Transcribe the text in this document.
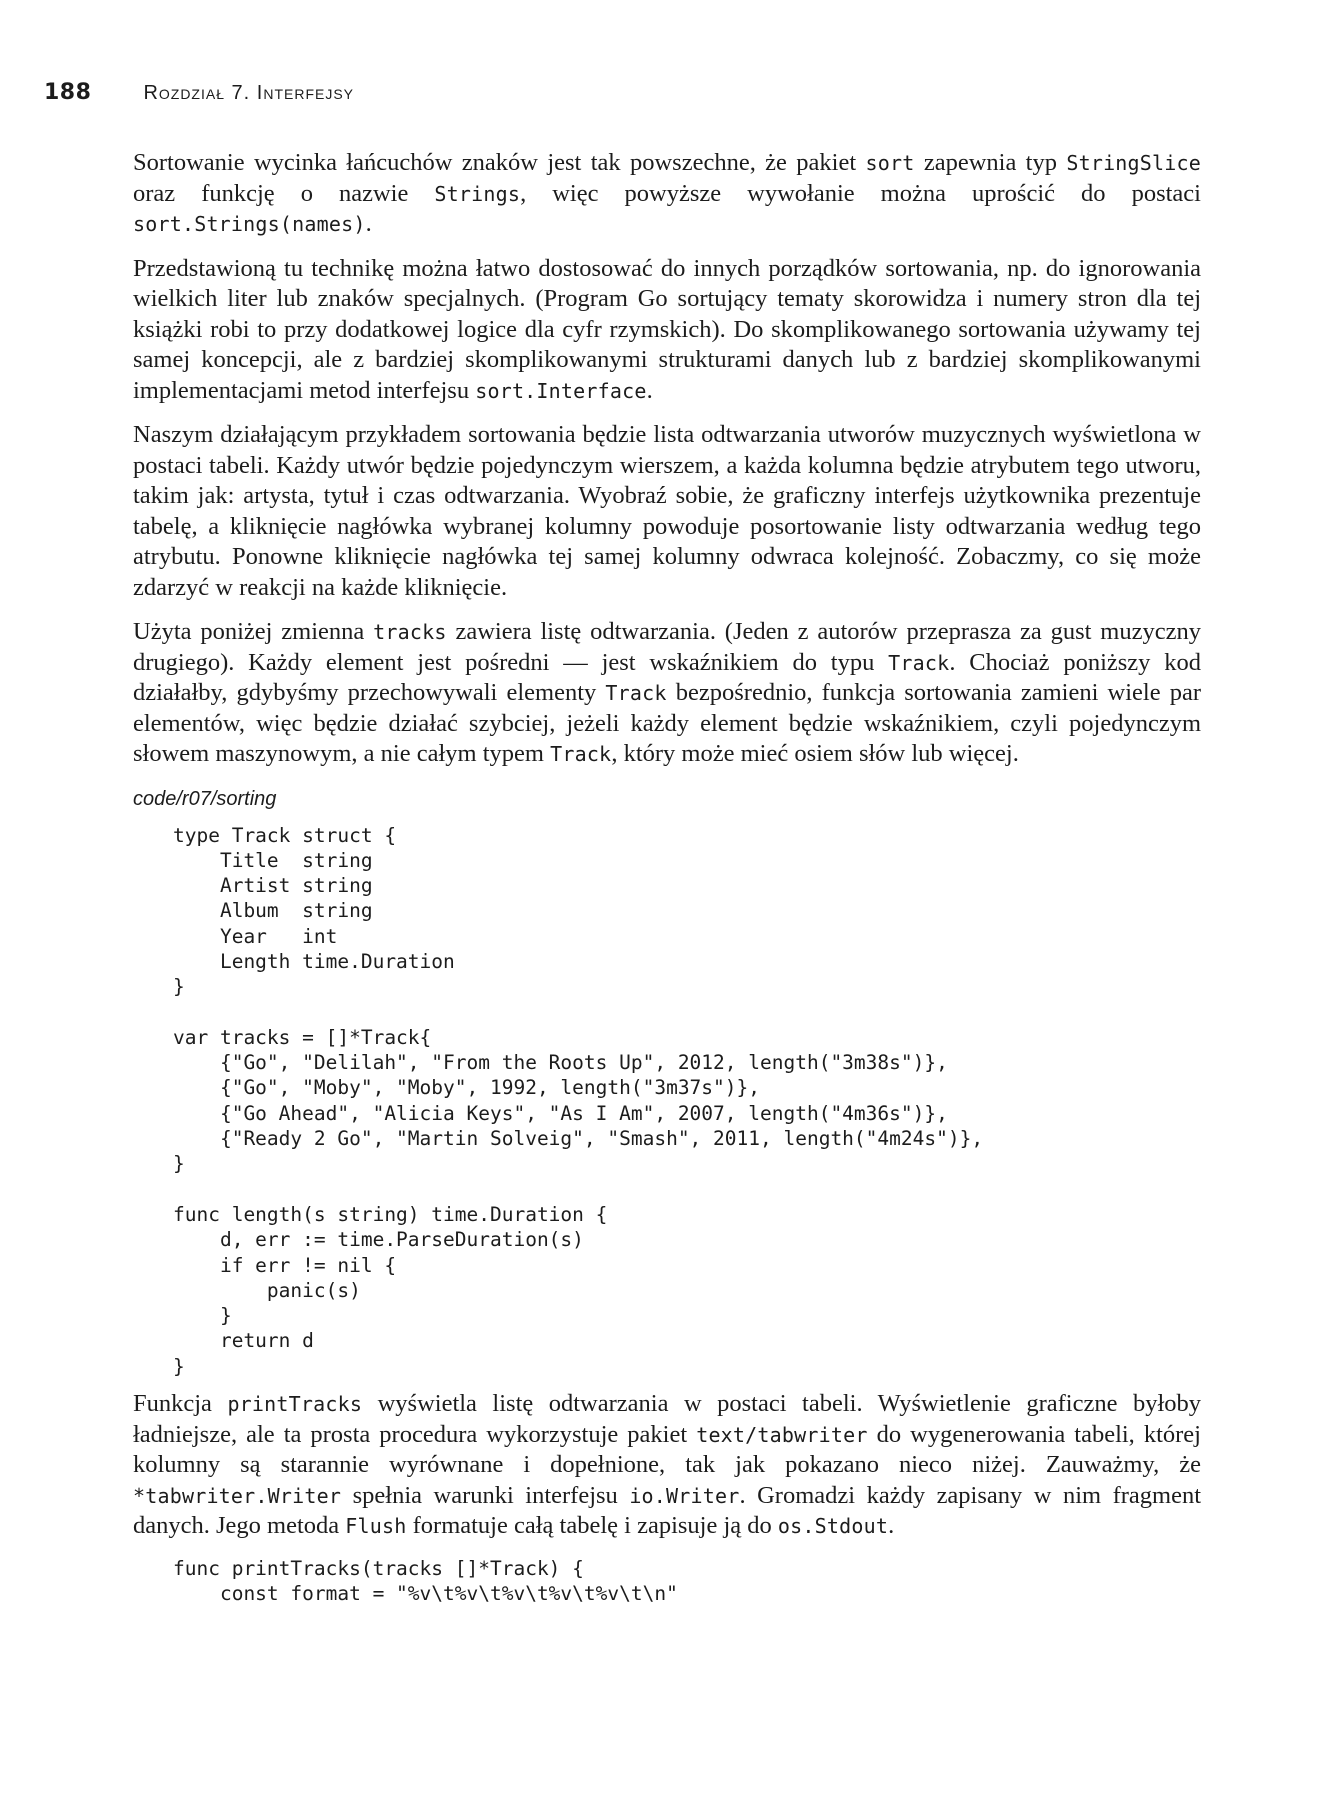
188	Rozdział 7. Interfejsy

Sortowanie wycinka łańcuchów znaków jest tak powszechne, że pakiet sort zapewnia typ StringSlice oraz funkcję o nazwie Strings, więc powyższe wywołanie można uprościć do postaci sort.Strings(names).

Przedstawioną tu technikę można łatwo dostosować do innych porządków sortowania, np. do ignorowania wielkich liter lub znaków specjalnych. (Program Go sortujący tematy skorowidza i numery stron dla tej książki robi to przy dodatkowej logice dla cyfr rzymskich). Do skomplikowanego sortowania używamy tej samej koncepcji, ale z bardziej skomplikowanymi strukturami danych lub z bardziej skomplikowanymi implementacjami metod interfejsu sort.Interface.

Naszym działającym przykładem sortowania będzie lista odtwarzania utworów muzycznych wyświetlona w postaci tabeli. Każdy utwór będzie pojedynczym wierszem, a każda kolumna będzie atrybutem tego utworu, takim jak: artysta, tytuł i czas odtwarzania. Wyobraź sobie, że graficzny interfejs użytkownika prezentuje tabelę, a kliknięcie nagłówka wybranej kolumny powoduje posortowanie listy odtwarzania według tego atrybutu. Ponowne kliknięcie nagłówka tej samej kolumny odwraca kolejność. Zobaczmy, co się może zdarzyć w reakcji na każde kliknięcie.

Użyta poniżej zmienna tracks zawiera listę odtwarzania. (Jeden z autorów przeprasza za gust muzyczny drugiego). Każdy element jest pośredni — jest wskaźnikiem do typu Track. Chociaż poniższy kod działałby, gdybyśmy przechowywali elementy Track bezpośrednio, funkcja sortowania zamieni wiele par elementów, więc będzie działać szybciej, jeżeli każdy element będzie wskaźnikiem, czyli pojedynczym słowem maszynowym, a nie całym typem Track, który może mieć osiem słów lub więcej.

code/r07/sorting
type Track struct {
Title  string
Artist string
Album  string
Year   int
Length time.Duration
}

var tracks = []*Track{
{"Go", "Delilah", "From the Roots Up", 2012, length("3m38s")},
{"Go", "Moby", "Moby", 1992, length("3m37s")},
{"Go Ahead", "Alicia Keys", "As I Am", 2007, length("4m36s")},
{"Ready 2 Go", "Martin Solveig", "Smash", 2011, length("4m24s")},
}

func length(s string) time.Duration {
d, err := time.ParseDuration(s)
if err != nil {
panic(s)
}
return d
}

Funkcja printTracks wyświetla listę odtwarzania w postaci tabeli. Wyświetlenie graficzne byłoby ładniejsze, ale ta prosta procedura wykorzystuje pakiet text/tabwriter do wygenerowania tabeli, której kolumny są starannie wyrównane i dopełnione, tak jak pokazano nieco niżej. Zauważmy, że *tabwriter.Writer spełnia warunki interfejsu io.Writer. Gromadzi każdy zapisany w nim fragment danych. Jego metoda Flush formatuje całą tabelę i zapisuje ją do os.Stdout.

func printTracks(tracks []*Track) {
const format = "%v\t%v\t%v\t%v\t%v\t\n"
